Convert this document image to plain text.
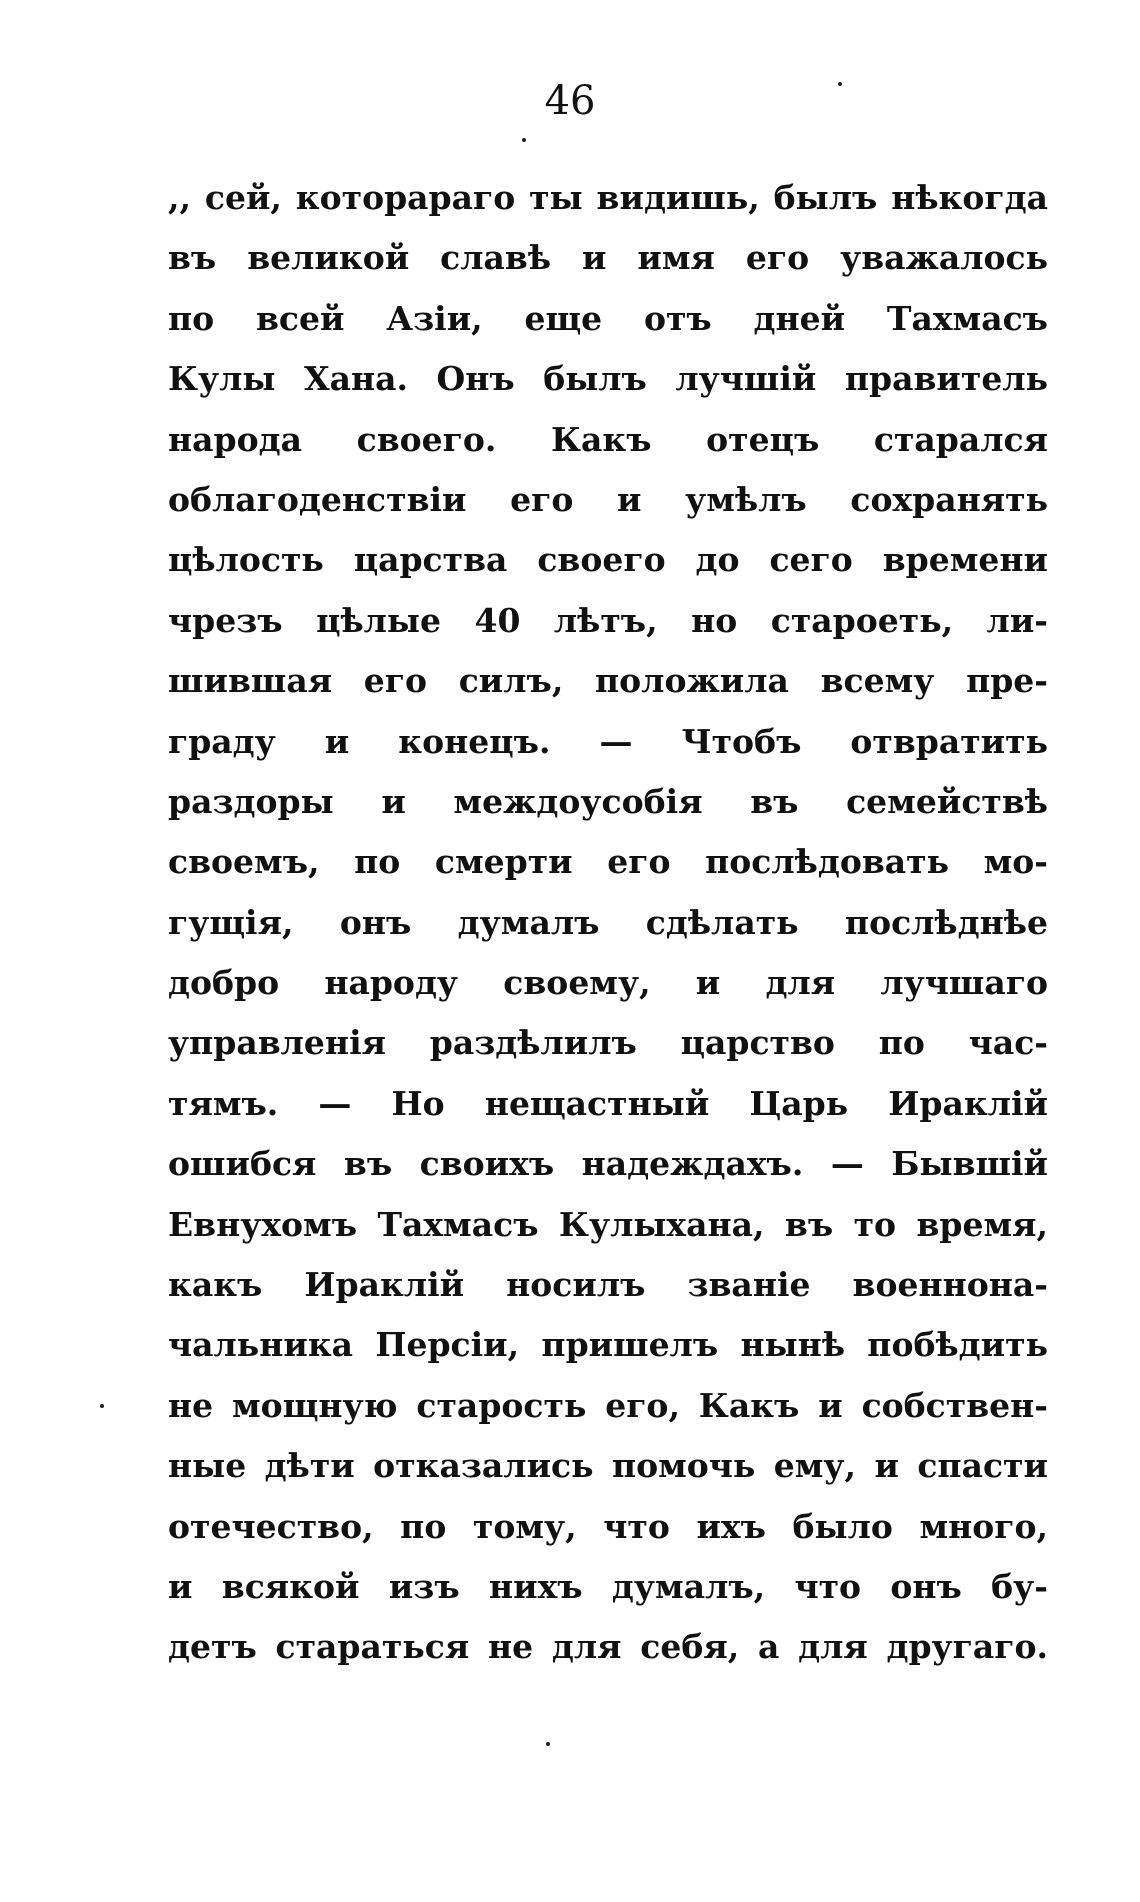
46
,, сей, которараго ты видишь, былъ нѣкогда
въ великой славѣ и имя его уважалось
по всей Азіи, еще отъ дней Тахмасъ
Кулы Хана. Онъ былъ лучшій правитель
народа своего. Какъ отецъ старался
облагоденствіи его и умѣлъ сохранять
цѣлость царства своего до сего времени
чрезъ цѣлые 40 лѣтъ, но староеть, ли-
шившая его силъ, положила всему пре-
граду и конецъ. — Чтобъ отвратить
раздоры и междоусобія въ семействѣ
своемъ, по смерти его послѣдовать мо-
гущія, онъ думалъ сдѣлать послѣднѣе
добро народу своему, и для лучшаго
управленія раздѣлилъ царство по час-
тямъ. — Но нещастный Царь Ираклій
ошибся въ своихъ надеждахъ. — Бывшій
Евнухомъ Тахмасъ Кулыхана, въ то время,
какъ Ираклій носилъ званіе военнона-
чальника Персіи, пришелъ нынѣ побѣдить
не мощную старость его, Какъ и собствен-
ные дѣти отказались помочь ему, и спасти
отечество, по тому, что ихъ было много,
и всякой изъ нихъ думалъ, что онъ бу-
детъ стараться не для себя, а для другаго.
